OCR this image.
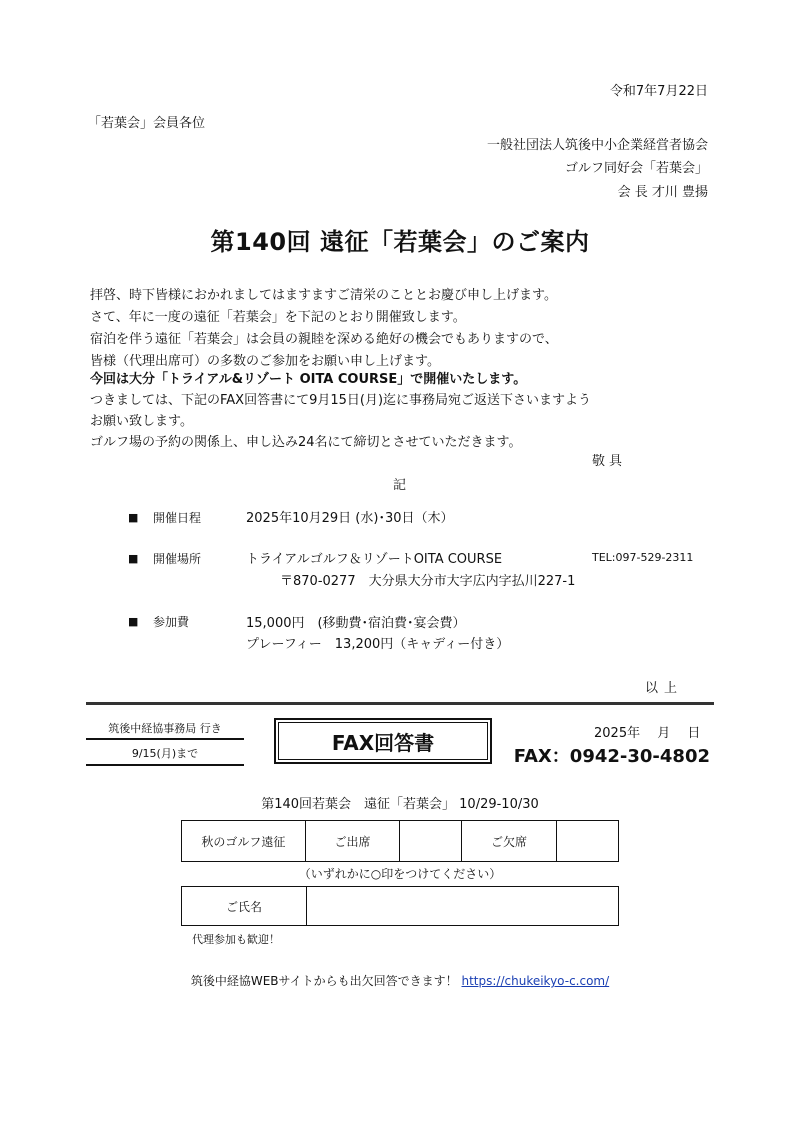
令和7年7月22日
「若葉会」会員各位
一般社団法人筑後中小企業経営者協会
ゴルフ同好会「若葉会」
会 長 才川 豊揚
第140回 遠征「若葉会」のご案内
拝啓、時下皆様におかれましてはますますご清栄のこととお慶び申し上げます。
さて、年に一度の遠征「若葉会」を下記のとおり開催致します。
宿泊を伴う遠征「若葉会」は会員の親睦を深める絶好の機会でもありますので、
皆様（代理出席可）の多数のご参加をお願い申し上げます。
今回は大分「トライアル&リゾート OITA COURSE」で開催いたします。
つきましては、下記のFAX回答書にて9月15日(月)迄に事務局宛ご返送下さいますよう
お願い致します。
ゴルフ場の予約の関係上、申し込み24名にて締切とさせていただきます。
敬具
記
■ 開催日程	2025年10月29日 (水)･30日（木）
■ 開催場所	トライアルゴルフ＆リゾートOITA COURSE	TEL:097-529-2311
〒870-0277　大分県大分市大字広内字払川227-1
■ 参加費	15,000円　(移動費･宿泊費･宴会費）
プレーフィー　13,200円（キャディー付き）
以上
筑後中経協事務局 行き
9/15(月)まで	FAX回答書	2025年　 月　 日
FAX：0942-30-4802
第140回若葉会　遠征「若葉会」 10/29-10/30
秋のゴルフ遠征	ご出席		ご欠席	
（いずれかに○印をつけてください）
ご氏名	
代理参加も歓迎！
筑後中経協WEBサイトからも出欠回答できます！ https://chukeikyo-c.com/
